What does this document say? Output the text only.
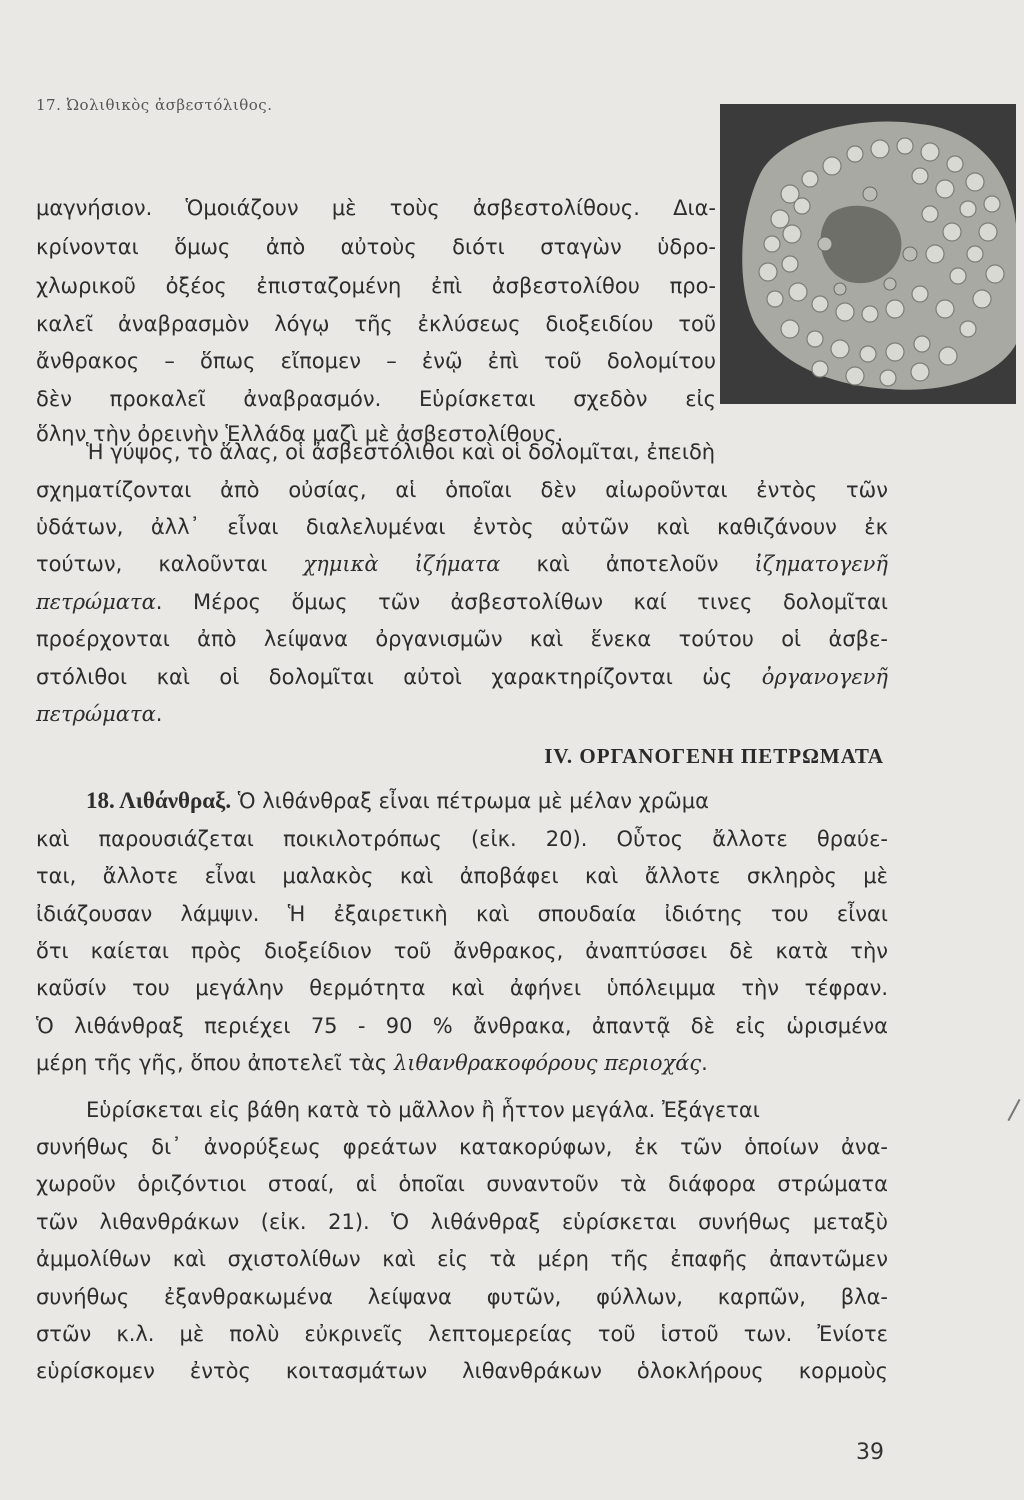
17. Ὠολιθικὸς ἀσβεστόλιθος.
μαγνήσιον. Ὁμοιάζουν μὲ τοὺς ἀσβεστολίθους. Δια-
κρίνονται ὅμως ἀπὸ αὐτοὺς διότι σταγὼν ὑδρο-
χλωρικοῦ ὀξέος ἐπισταζομένη ἐπὶ ἀσβεστολίθου προ-
καλεῖ ἀναβρασμὸν λόγῳ τῆς ἐκλύσεως διοξειδίου τοῦ
ἄνθρακος – ὅπως εἴπομεν – ἐνῷ ἐπὶ τοῦ δολομίτου
δὲν προκαλεῖ ἀναβρασμόν. Εὑρίσκεται σχεδὸν εἰς
ὅλην τὴν ὀρεινὴν Ἑλλάδα μαζὶ μὲ ἀσβεστολίθους.
Ἡ γύψος, τὸ ἅλας, οἱ ἀσβεστόλιθοι καὶ οἱ δολομῖται, ἐπειδὴ
σχηματίζονται ἀπὸ οὐσίας, αἱ ὁποῖαι δὲν αἰωροῦνται ἐντὸς τῶν
ὑδάτων, ἀλλ᾽ εἶναι διαλελυμέναι ἐντὸς αὐτῶν καὶ καθιζάνουν ἐκ
τούτων, καλοῦνται χημικὰ ἰζήματα καὶ ἀποτελοῦν ἰζηματογενῆ
πετρώματα. Μέρος ὅμως τῶν ἀσβεστολίθων καί τινες δολομῖται
προέρχονται ἀπὸ λείψανα ὀργανισμῶν καὶ ἕνεκα τούτου οἱ ἀσβε-
στόλιθοι καὶ οἱ δολομῖται αὐτοὶ χαρακτηρίζονται ὡς ὀργανογενῆ
πετρώματα.
IV. ΟΡΓΑΝΟΓΕΝΗ ΠΕΤΡΩΜΑΤΑ
18. Λιθάνθραξ. Ὁ λιθάνθραξ εἶναι πέτρωμα μὲ μέλαν χρῶμα
καὶ παρουσιάζεται ποικιλοτρόπως (εἰκ. 20). Οὗτος ἄλλοτε θραύε-
ται, ἄλλοτε εἶναι μαλακὸς καὶ ἀποβάφει καὶ ἄλλοτε σκληρὸς μὲ
ἰδιάζουσαν λάμψιν. Ἡ ἐξαιρετικὴ καὶ σπουδαία ἰδιότης του εἶναι
ὅτι καίεται πρὸς διοξείδιον τοῦ ἄνθρακος, ἀναπτύσσει δὲ κατὰ τὴν
καῦσίν του μεγάλην θερμότητα καὶ ἀφήνει ὑπόλειμμα τὴν τέφραν.
Ὁ λιθάνθραξ περιέχει 75 - 90 % ἄνθρακα, ἀπαντᾷ δὲ εἰς ὡρισμένα
μέρη τῆς γῆς, ὅπου ἀποτελεῖ τὰς λιθανθρακοφόρους περιοχάς.
Εὑρίσκεται εἰς βάθη κατὰ τὸ μᾶλλον ἢ ἧττον μεγάλα. Ἐξάγεται
συνήθως δι᾽ ἀνορύξεως φρεάτων κατακορύφων, ἐκ τῶν ὁποίων ἀνα-
χωροῦν ὁριζόντιοι στοαί, αἱ ὁποῖαι συναντοῦν τὰ διάφορα στρώματα
τῶν λιθανθράκων (εἰκ. 21). Ὁ λιθάνθραξ εὑρίσκεται συνήθως μεταξὺ
ἀμμολίθων καὶ σχιστολίθων καὶ εἰς τὰ μέρη τῆς ἐπαφῆς ἀπαντῶμεν
συνήθως ἐξανθρακωμένα λείψανα φυτῶν, φύλλων, καρπῶν, βλα-
στῶν κ.λ. μὲ πολὺ εὐκρινεῖς λεπτομερείας τοῦ ἱστοῦ των. Ἐνίοτε
εὑρίσκομεν ἐντὸς κοιτασμάτων λιθανθράκων ὁλοκλήρους κορμοὺς
39
